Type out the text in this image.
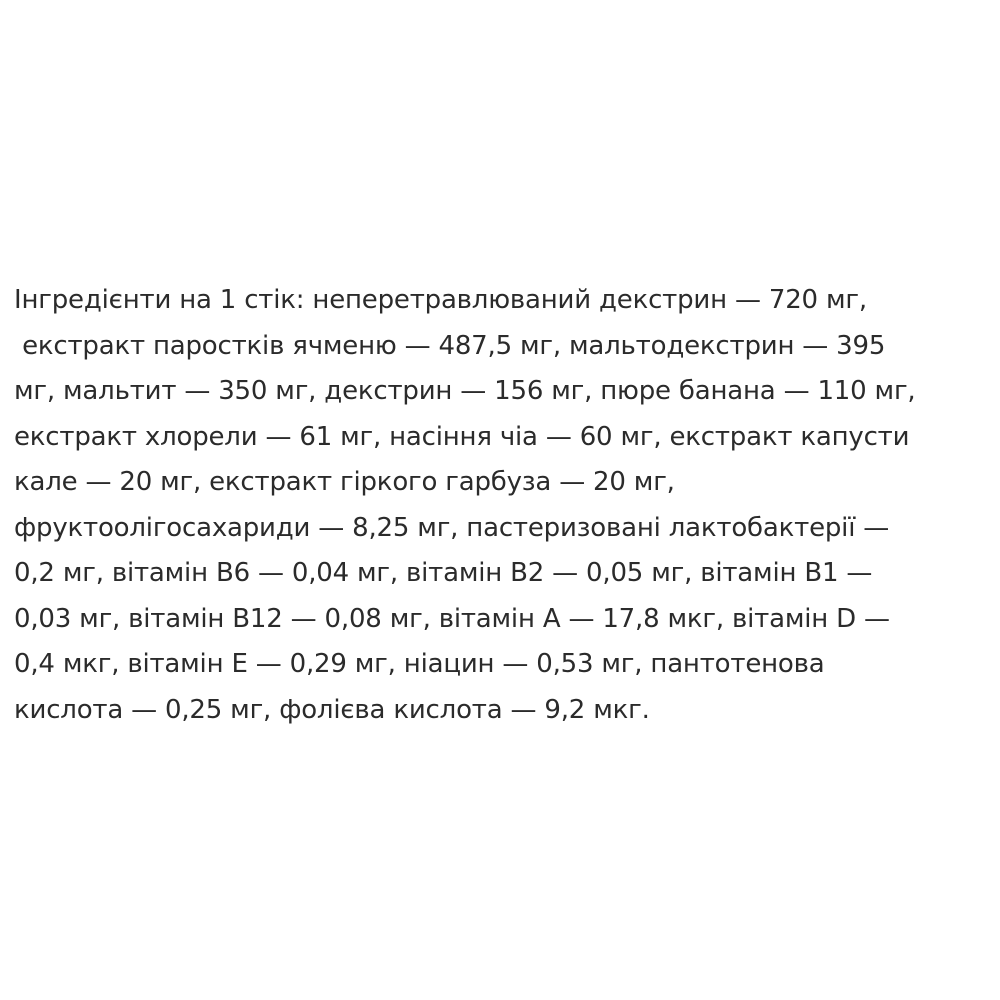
Інгредієнти на 1 стік: неперетравлюваний декстрин — 720 мг,
екстракт паростків ячменю — 487,5 мг, мальтодекстрин — 395
мг, мальтит — 350 мг, декстрин — 156 мг, пюре банана — 110 мг,
екстракт хлорели — 61 мг, насіння чіа — 60 мг, екстракт капусти
кале — 20 мг, екстракт гіркого гарбуза — 20 мг,
фруктоолігосахариди — 8,25 мг, пастеризовані лактобактерії —
0,2 мг, вітамін В6 — 0,04 мг, вітамін В2 — 0,05 мг, вітамін В1 —
0,03 мг, вітамін В12 — 0,08 мг, вітамін А — 17,8 мкг, вітамін D —
0,4 мкг, вітамін Е — 0,29 мг, ніацин — 0,53 мг, пантотенова
кислота — 0,25 мг, фолієва кислота — 9,2 мкг.
